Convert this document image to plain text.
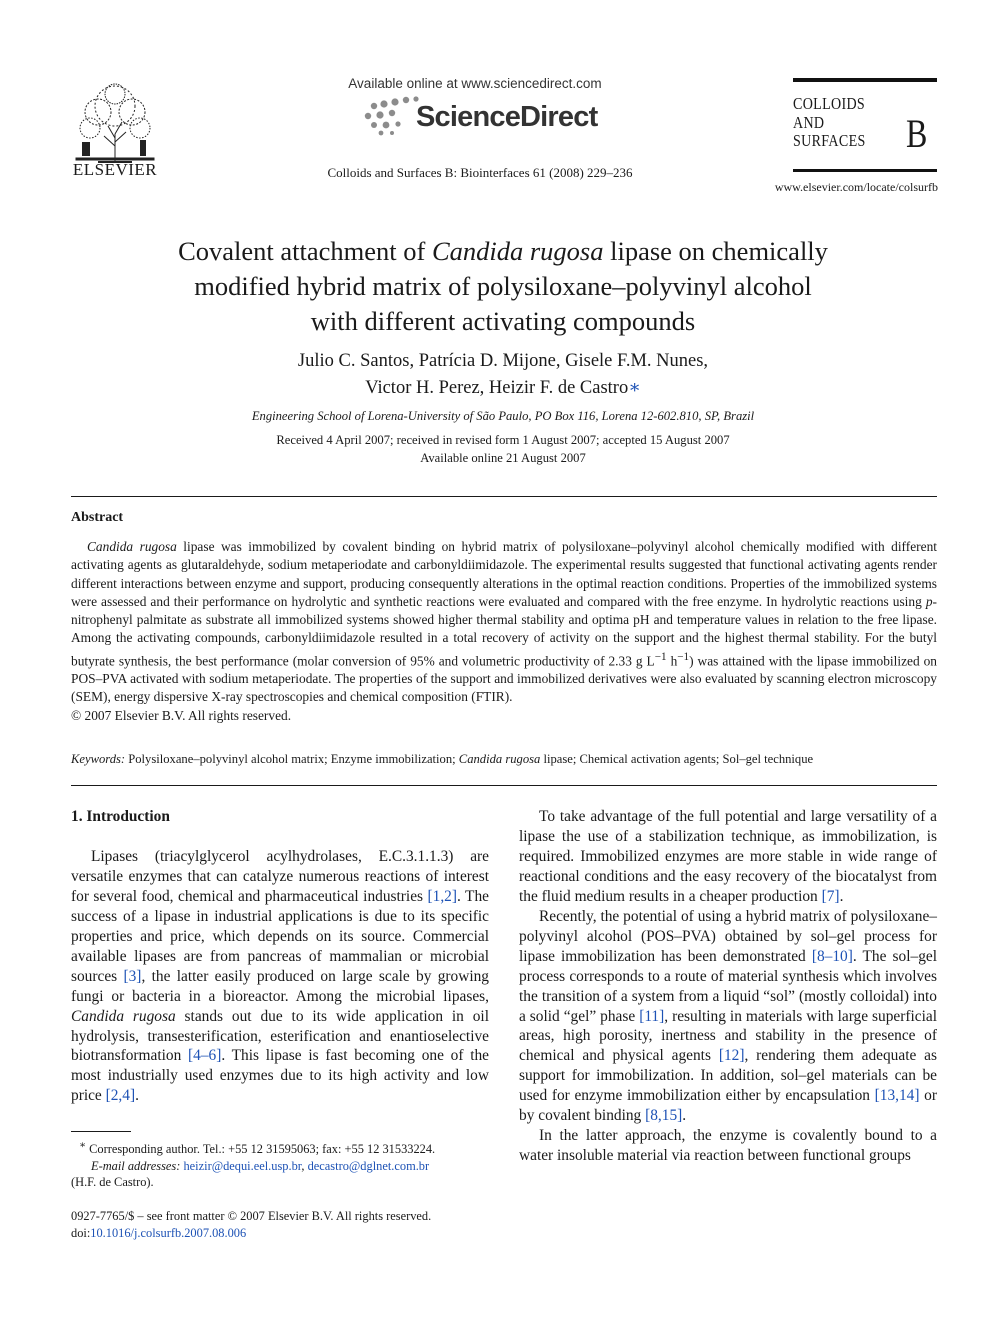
ELSEVIER
Available online at www.sciencedirect.com
ScienceDirect
Colloids and Surfaces B: Biointerfaces 61 (2008) 229–236
COLLOIDS
AND
SURFACES B
www.elsevier.com/locate/colsurfb
Covalent attachment of Candida rugosa lipase on chemically
modified hybrid matrix of polysiloxane–polyvinyl alcohol
with different activating compounds
Julio C. Santos, Patrícia D. Mijone, Gisele F.M. Nunes,
Victor H. Perez, Heizir F. de Castro∗
Engineering School of Lorena-University of São Paulo, PO Box 116, Lorena 12-602.810, SP, Brazil
Received 4 April 2007; received in revised form 1 August 2007; accepted 15 August 2007
Available online 21 August 2007
Abstract

Candida rugosa lipase was immobilized by covalent binding on hybrid matrix of polysiloxane–polyvinyl alcohol chemically modified with different activating agents as glutaraldehyde, sodium metaperiodate and carbonyldiimidazole. The experimental results suggested that functional activating agents render different interactions between enzyme and support, producing consequently alterations in the optimal reaction conditions. Properties of the immobilized systems were assessed and their performance on hydrolytic and synthetic reactions were evaluated and compared with the free enzyme. In hydrolytic reactions using p-nitrophenyl palmitate as substrate all immobilized systems showed higher thermal stability and optima pH and temperature values in relation to the free lipase. Among the activating compounds, carbonyldiimidazole resulted in a total recovery of activity on the support and the highest thermal stability. For the butyl butyrate synthesis, the best performance (molar conversion of 95% and volumetric productivity of 2.33 g $L^{-1}$ $h^{-1}$) was attained with the lipase immobilized on POS–PVA activated with sodium metaperiodate. The properties of the support and immobilized derivatives were also evaluated by scanning electron microscopy (SEM), energy dispersive X-ray spectroscopies and chemical composition (FTIR).

© 2007 Elsevier B.V. All rights reserved.

Keywords: Polysiloxane–polyvinyl alcohol matrix; Enzyme immobilization; Candida rugosa lipase; Chemical activation agents; Sol–gel technique

1. Introduction

Lipases (triacylglycerol acylhydrolases, E.C.3.1.1.3) are versatile enzymes that can catalyze numerous reactions of interest for several food, chemical and pharmaceutical industries [1,2]. The success of a lipase in industrial applications is due to its specific properties and price, which depends on its source. Commercial available lipases are from pancreas of mammalian or microbial sources [3], the latter easily produced on large scale by growing fungi or bacteria in a bioreactor. Among the microbial lipases, Candida rugosa stands out due to its wide application in oil hydrolysis, transesterification, esterification and enantioselective biotransformation [4–6]. This lipase is fast becoming one of the most industrially used enzymes due to its high activity and low price [2,4].

To take advantage of the full potential and large versatility of a lipase the use of a stabilization technique, as immobilization, is required. Immobilized enzymes are more stable in wide range of reactional conditions and the easy recovery of the biocatalyst from the fluid medium results in a cheaper production [7].

Recently, the potential of using a hybrid matrix of polysiloxane–polyvinyl alcohol (POS–PVA) obtained by sol–gel process for lipase immobilization has been demonstrated [8–10]. The sol–gel process corresponds to a route of material synthesis which involves the transition of a system from a liquid “sol” (mostly colloidal) into a solid “gel” phase [11], resulting in materials with large superficial areas, high porosity, inertness and stability in the presence of chemical and physical agents [12], rendering them adequate as support for immobilization. In addition, sol–gel materials can be used for enzyme immobilization either by encapsulation [13,14] or by covalent binding [8,15].

In the latter approach, the enzyme is covalently bound to a water insoluble material via reaction between functional groups

∗ Corresponding author. Tel.: +55 12 31595063; fax: +55 12 31533224.
E-mail addresses: heizir@dequi.eel.usp.br, decastro@dglnet.com.br
(H.F. de Castro).
0927-7765/$ – see front matter © 2007 Elsevier B.V. All rights reserved.
doi:10.1016/j.colsurfb.2007.08.006
